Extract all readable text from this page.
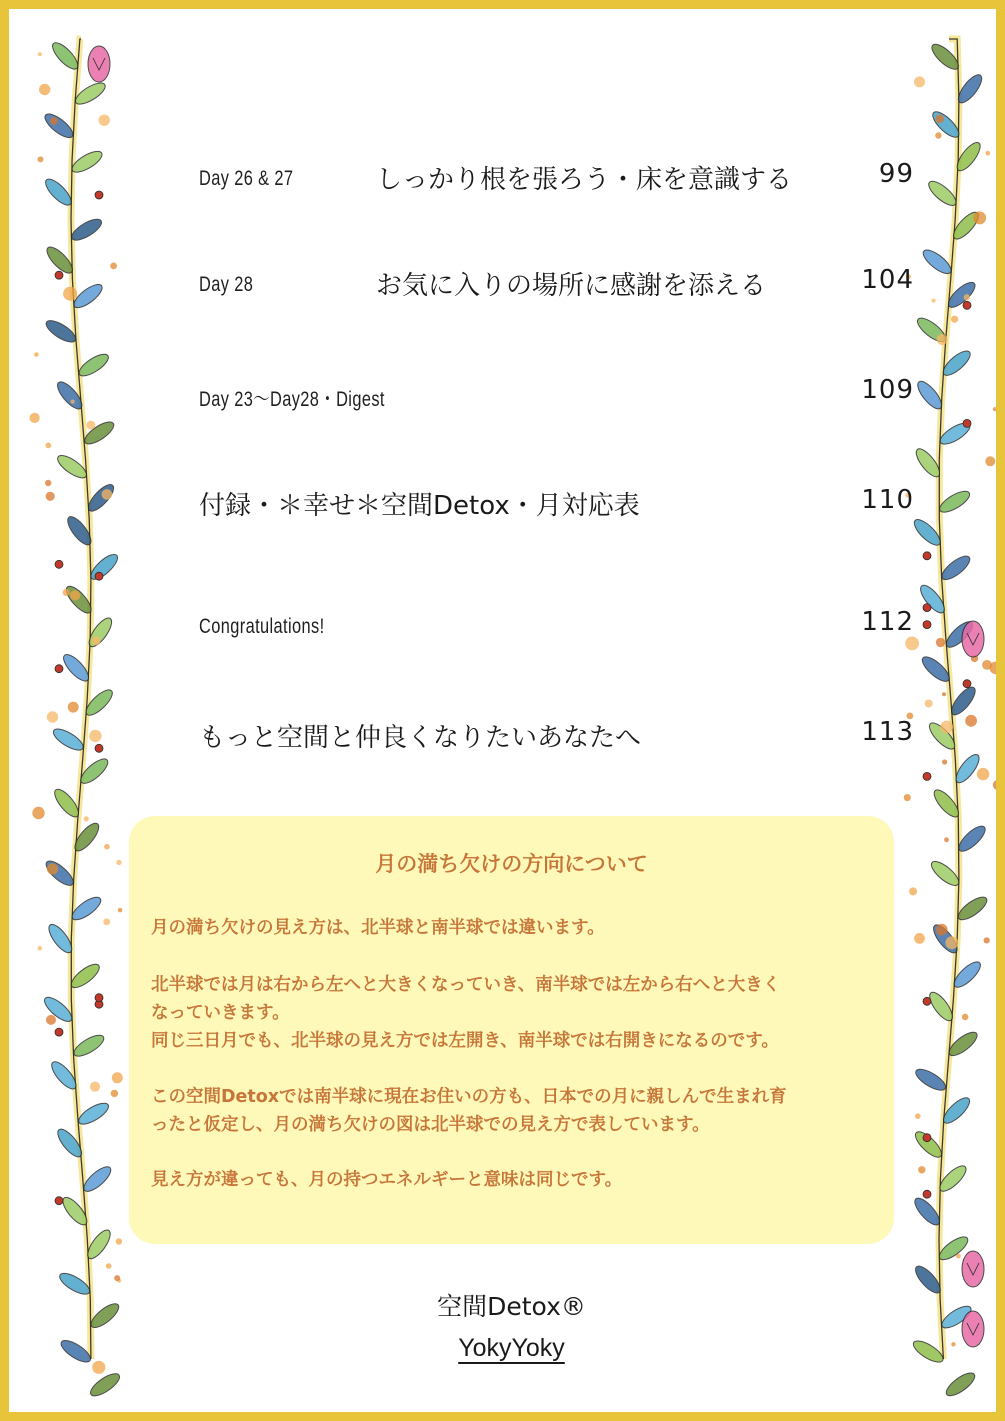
Day 26 & 27	しっかり根を張ろう・床を意識する	99
Day 28	お気に入りの場所に感謝を添える	104
Day 23〜Day28・Digest	109
付録・＊幸せ＊空間Detox・月対応表	110
Congratulations!	112
もっと空間と仲良くなりたいあなたへ	113
月の満ち欠けの方向について
月の満ち欠けの見え方は、北半球と南半球では違います。
北半球では月は右から左へと大きくなっていき、南半球では左から右へと大きく
なっていきます。
同じ三日月でも、北半球の見え方では左開き、南半球では右開きになるのです。
この空間Detoxでは南半球に現在お住いの方も、日本での月に親しんで生まれ育
ったと仮定し、月の満ち欠けの図は北半球での見え方で表しています。
見え方が違っても、月の持つエネルギーと意味は同じです。
空間Detox®
YokyYoky
